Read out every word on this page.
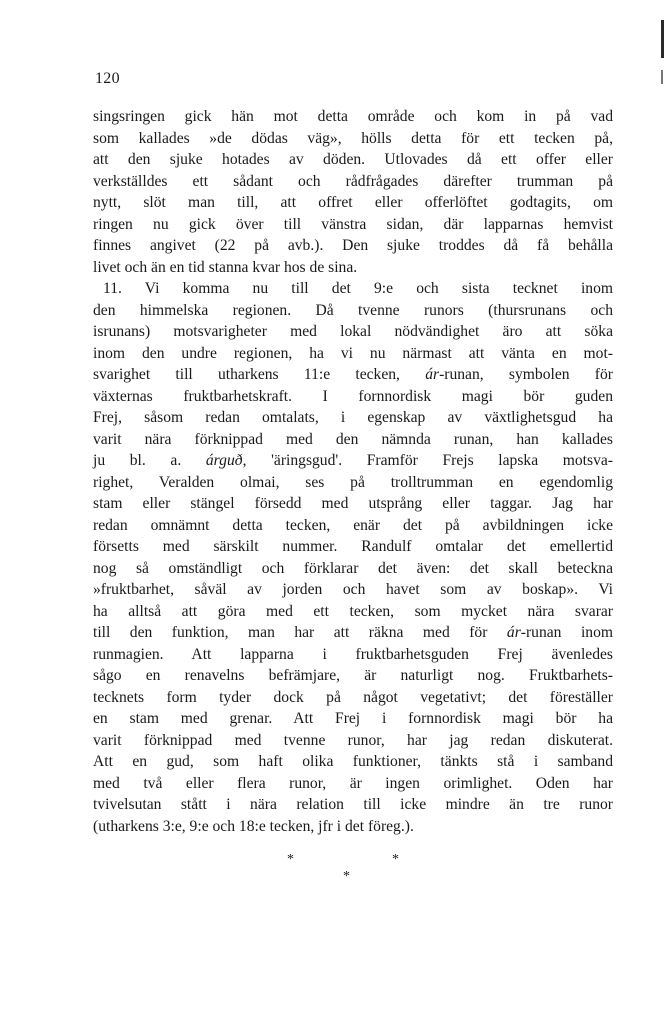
120
singsringen gick hän mot detta område och kom in på vad
som kallades »de dödas väg», hölls detta för ett tecken på,
att den sjuke hotades av döden. Utlovades då ett offer eller
verkställdes ett sådant och rådfrågades därefter trumman på
nytt, slöt man till, att offret eller offerlöftet godtagits, om
ringen nu gick över till vänstra sidan, där lapparnas hemvist
finnes angivet (22 på avb.). Den sjuke troddes då få behålla
livet och än en tid stanna kvar hos de sina.
11. Vi komma nu till det 9:e och sista tecknet inom
den himmelska regionen. Då tvenne runors (thursrunans och
isrunans) motsvarigheter med lokal nödvändighet äro att söka
inom den undre regionen, ha vi nu närmast att vänta en mot-
svarighet till utharkens 11:e tecken, ár-runan, symbolen för
växternas fruktbarhetskraft. I fornnordisk magi bör guden
Frej, såsom redan omtalats, i egenskap av växtlighetsgud ha
varit nära förknippad med den nämnda runan, han kallades
ju bl. a. árguð, 'äringsgud'. Framför Frejs lapska motsva-
righet, Veralden olmai, ses på trolltrumman en egendomlig
stam eller stängel försedd med utsprång eller taggar. Jag har
redan omnämnt detta tecken, enär det på avbildningen icke
försetts med särskilt nummer. Randulf omtalar det emellertid
nog så omständligt och förklarar det även: det skall beteckna
»fruktbarhet, såväl av jorden och havet som av boskap». Vi
ha alltså att göra med ett tecken, som mycket nära svarar
till den funktion, man har att räkna med för ár-runan inom
runmagien. Att lapparna i fruktbarhetsguden Frej ävenledes
sågo en renavelns befrämjare, är naturligt nog. Fruktbarhets-
tecknets form tyder dock på något vegetativt; det föreställer
en stam med grenar. Att Frej i fornnordisk magi bör ha
varit förknippad med tvenne runor, har jag redan diskuterat.
Att en gud, som haft olika funktioner, tänkts stå i samband
med två eller flera runor, är ingen orimlighet. Oden har
tvivelsutan stått i nära relation till icke mindre än tre runor
(utharkens 3:e, 9:e och 18:e tecken, jfr i det föreg.).
*	*
*
